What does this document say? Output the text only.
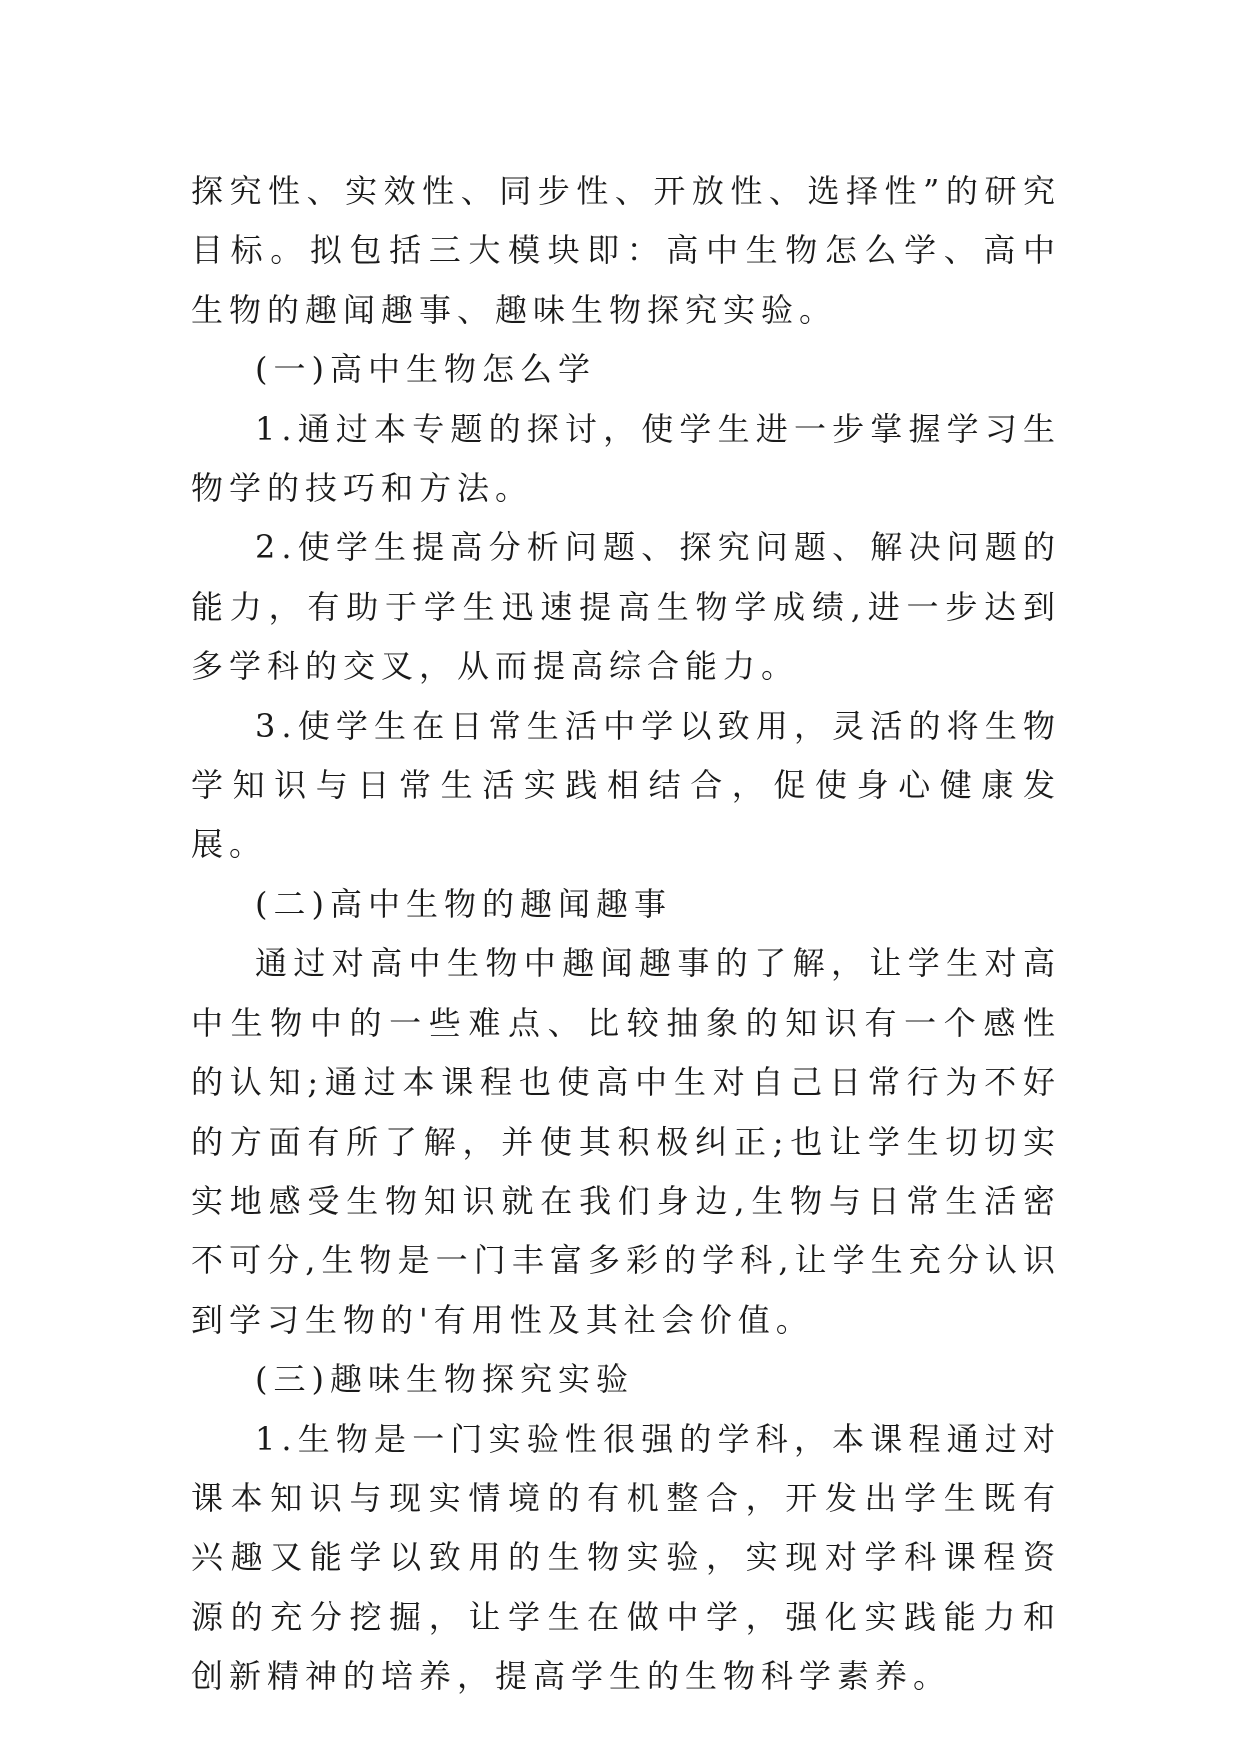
探究性、实效性、同步性、开放性、选择性”的研究目标。拟包括三大模块即：高中生物怎么学、高中生物的趣闻趣事、趣味生物探究实验。

(一)高中生物怎么学

1.通过本专题的探讨，使学生进一步掌握学习生物学的技巧和方法。

2.使学生提高分析问题、探究问题、解决问题的能力，有助于学生迅速提高生物学成绩,进一步达到多学科的交叉，从而提高综合能力。

3.使学生在日常生活中学以致用，灵活的将生物学知识与日常生活实践相结合，促使身心健康发展。

(二)高中生物的趣闻趣事

通过对高中生物中趣闻趣事的了解，让学生对高中生物中的一些难点、比较抽象的知识有一个感性的认知;通过本课程也使高中生对自己日常行为不好的方面有所了解，并使其积极纠正;也让学生切切实实地感受生物知识就在我们身边,生物与日常生活密不可分,生物是一门丰富多彩的学科,让学生充分认识到学习生物的'有用性及其社会价值。

(三)趣味生物探究实验

1.生物是一门实验性很强的学科，本课程通过对课本知识与现实情境的有机整合，开发出学生既有兴趣又能学以致用的生物实验，实现对学科课程资源的充分挖掘，让学生在做中学，强化实践能力和创新精神的培养，提高学生的生物科学素养。
